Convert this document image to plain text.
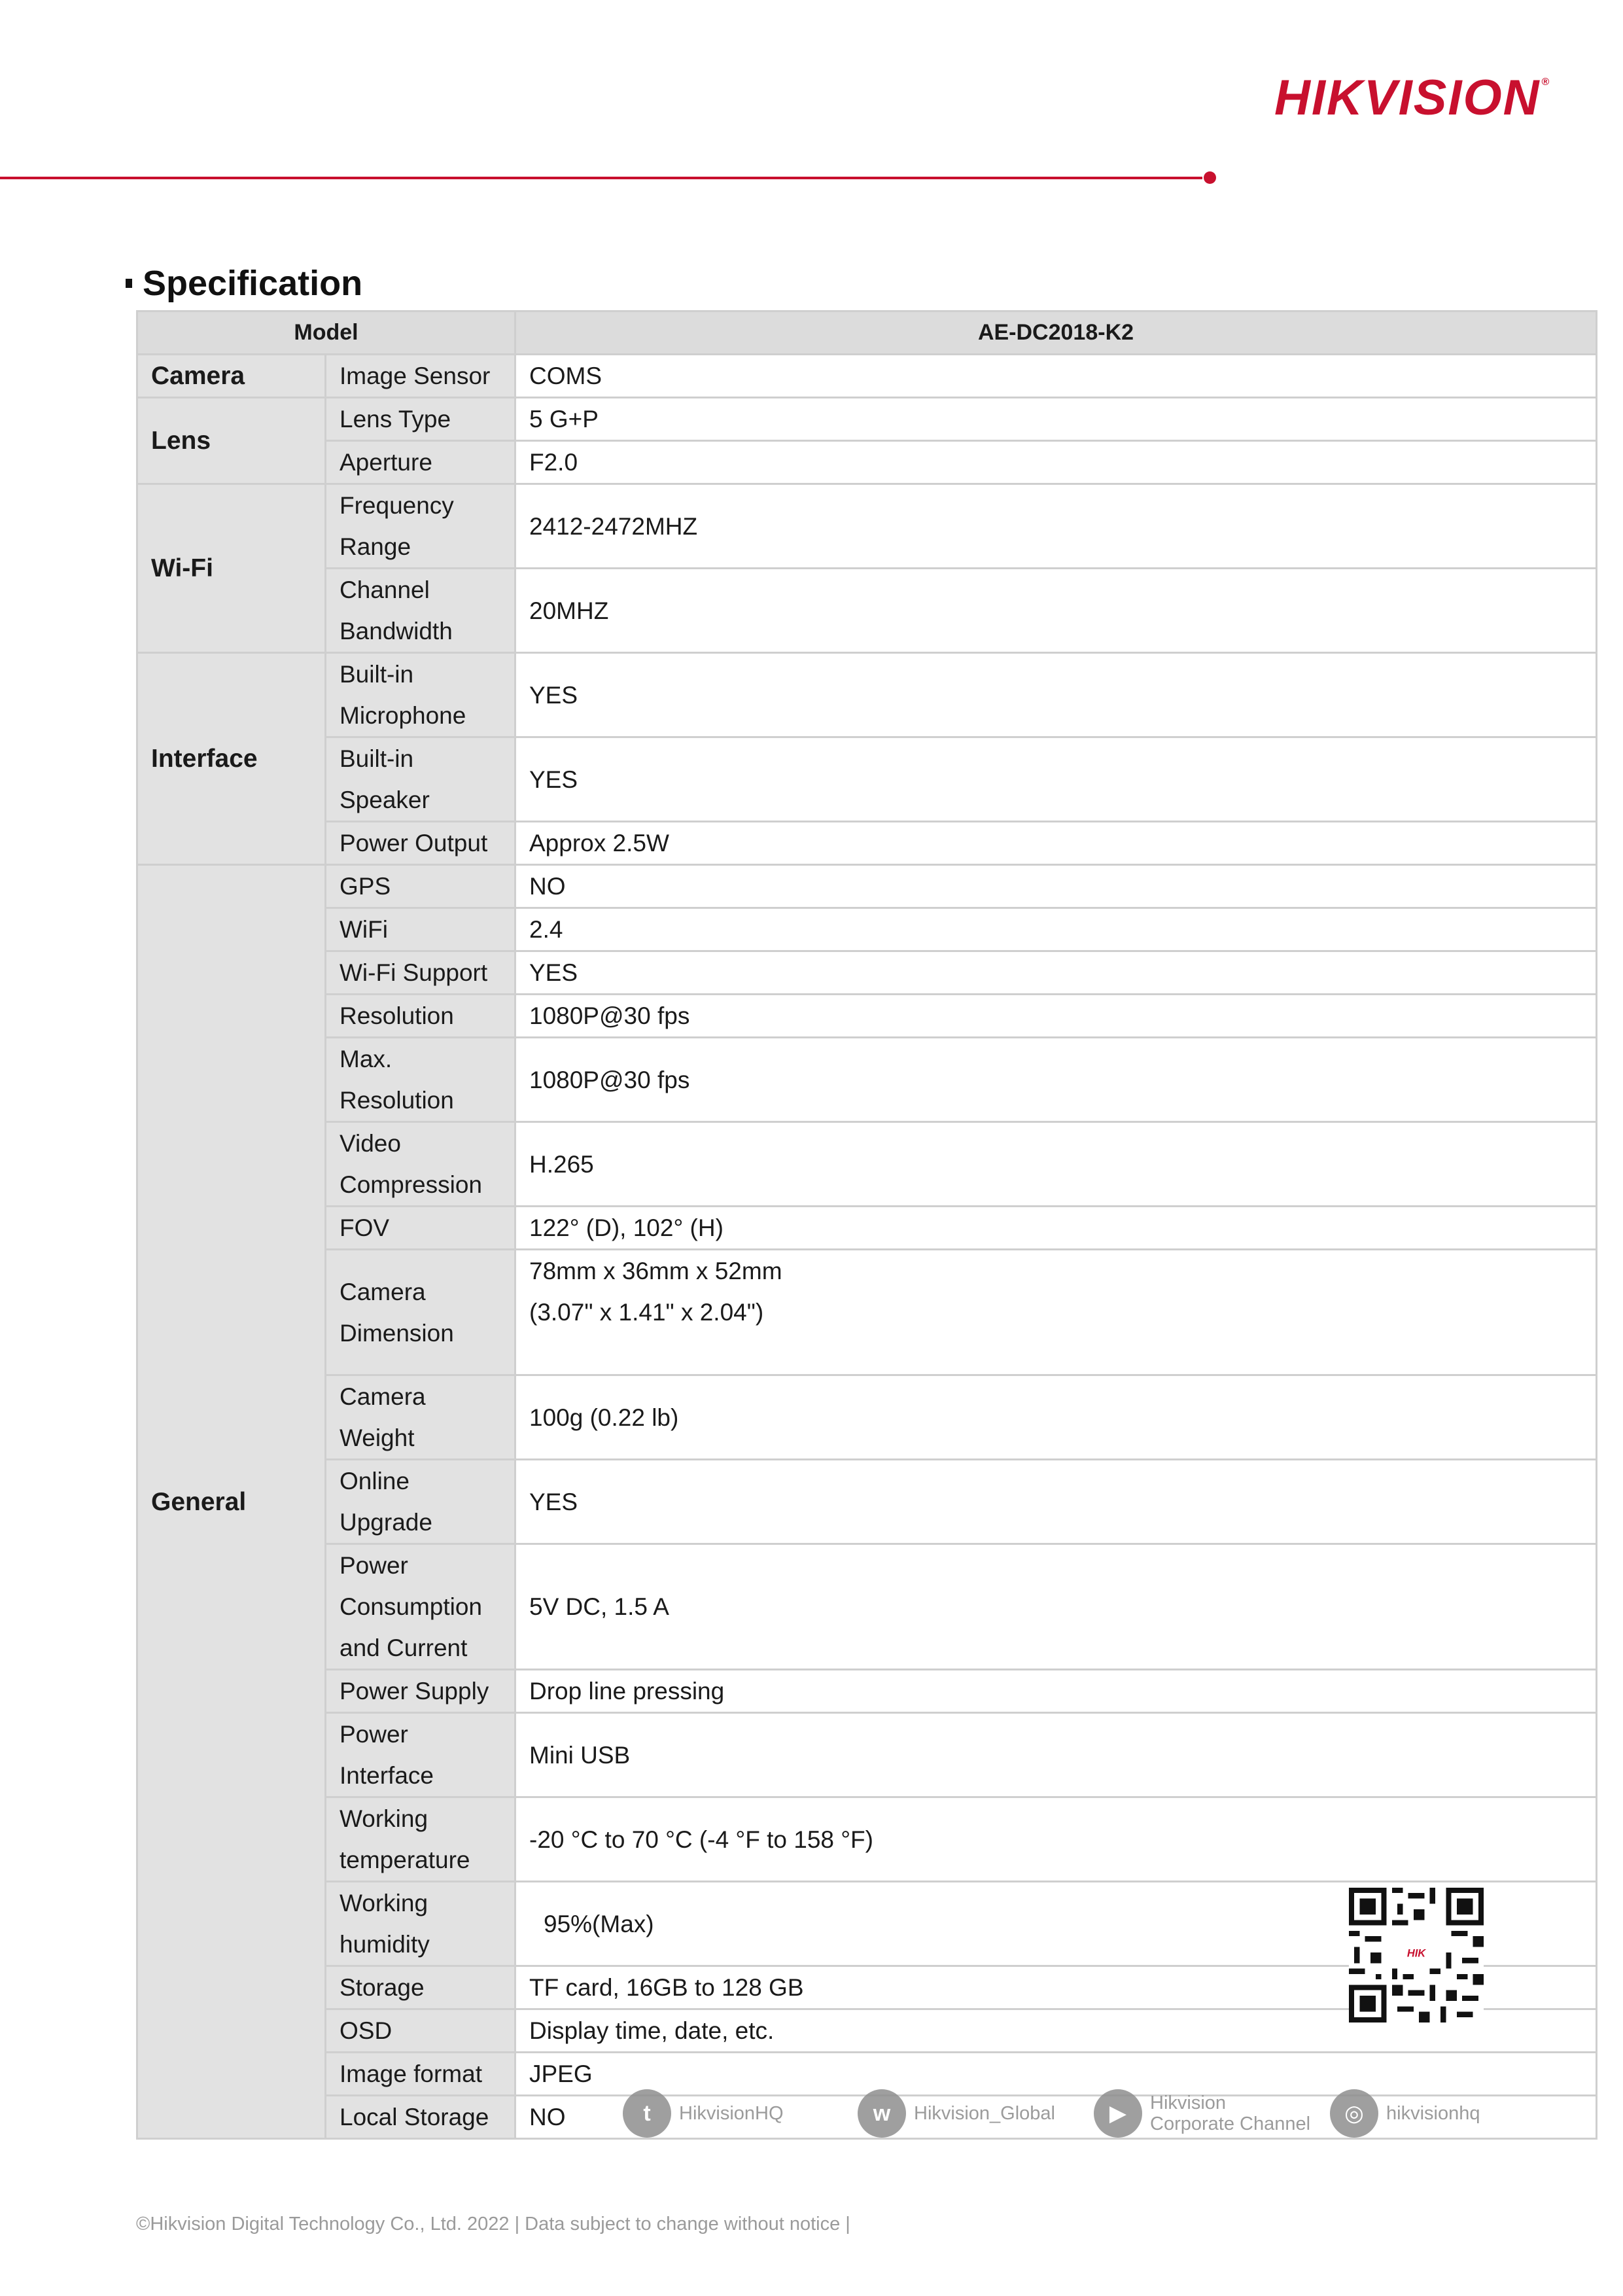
HIKVISION ®
Specification
Model		AE-DC2018-K2
Camera	Image Sensor	COMS
Lens	Lens Type	5 G+P
	Aperture	F2.0
Wi-Fi	Frequency Range	2412-2472MHZ
	Channel Bandwidth	20MHZ
Interface	Built-in Microphone	YES
	Built-in Speaker	YES
	Power Output	Approx 2.5W
General	GPS	NO
	WiFi	2.4
	Wi-Fi Support	YES
	Resolution	1080P@30 fps
	Max. Resolution	1080P@30 fps
	Video Compression	H.265
	FOV	122° (D), 102° (H)
	Camera Dimension	78mm x 36mm x 52mm
(3.07" x 1.41" x 2.04")

	Camera Weight	100g (0.22 lb)
	Online Upgrade	YES
	Power Consumption and Current	5V DC, 1.5 A
	Power Supply	Drop line pressing
	Power Interface	Mini USB
	Working temperature	-20 °C to 70 °C (-4 °F to 158 °F)
	Working humidity	95%(Max)
	Storage	TF card, 16GB to 128 GB
	OSD	Display time, date, etc.
	Image format	JPEG
	Local Storage	NO
HIK
t	HikvisionHQ	w	Hikvision_Global	▶	Hikvision
Corporate Channel	◎	hikvisionhq
©Hikvision Digital Technology Co., Ltd. 2022 | Data subject to change without notice |
